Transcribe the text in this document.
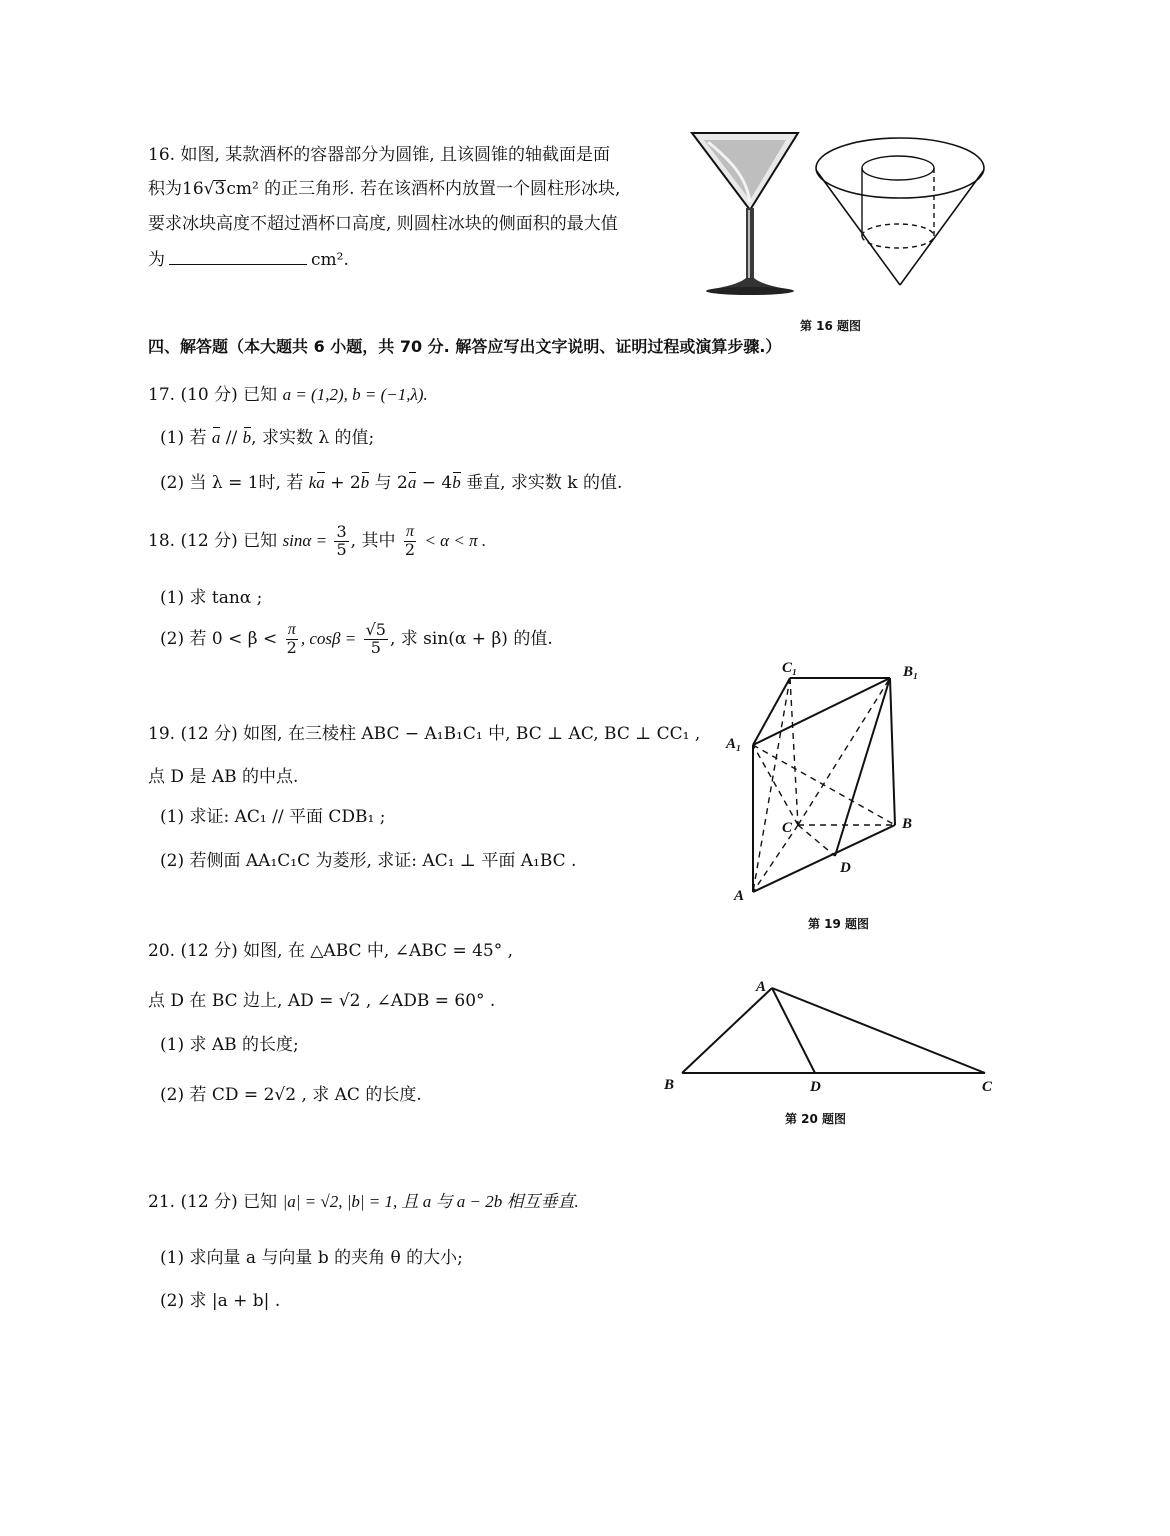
16. 如图, 某款酒杯的容器部分为圆锥, 且该圆锥的轴截面是面
积为16√3cm² 的正三角形. 若在该酒杯内放置一个圆柱形冰块,
要求冰块高度不超过酒杯口高度, 则圆柱冰块的侧面积的最大值
为	cm².
第 16 题图
四、解答题（本大题共 6 小题，共 70 分. 解答应写出文字说明、证明过程或演算步骤.）
17. (10 分) 已知 a = (1,2), b = (−1,λ).
(1) 若 a // b, 求实数 λ 的值;
(2) 当 λ = 1时, 若 ka + 2b 与 2a − 4b 垂直, 求实数 k 的值.
18. (12 分) 已知 $\sin\alpha = \frac{3}{5}$ , 其中 $\frac{\pi}{2} < \alpha < \pi$ .
(1) 求 tanα ;
(2) 若 $0 < \beta < \frac{\pi}{2}$ , $\cos\beta = \frac{√5}{5}$ , 求 sin(α + β) 的值.
19. (12 分) 如图, 在三棱柱 ABC − A₁B₁C₁ 中, BC ⊥ AC, BC ⊥ CC₁ ,
点 D 是 AB 的中点.
(1) 求证: AC₁ // 平面 CDB₁ ;
(2) 若侧面 AA₁C₁C 为菱形, 求证: AC₁ ⊥ 平面 A₁BC .
C₁	B₁
A₁
C	B
D
A
第 19 题图
20. (12 分) 如图, 在 △ABC 中, ∠ABC = 45° ,
点 D 在 BC 边上, AD = √2 , ∠ADB = 60° .
(1) 求 AB 的长度;
(2) 若 CD = 2√2 , 求 AC 的长度.
A
B	D	C
第 20 题图
21. (12 分) 已知 |a| = √2, |b| = 1, 且 a 与 a − 2b 相互垂直.
(1) 求向量 a 与向量 b 的夹角 θ 的大小;
(2) 求 |a + b| .
